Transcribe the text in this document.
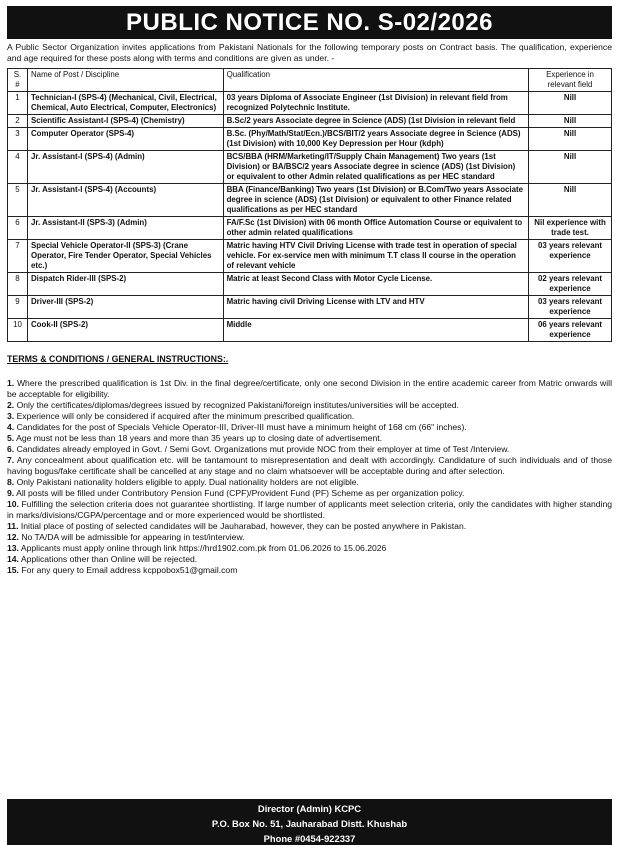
PUBLIC NOTICE NO. S-02/2026

A Public Sector Organization invites applications from Pakistani Nationals for the following temporary posts on Contract basis. The qualification, experience and age required for these posts along with terms and conditions are given as under. -

S. #	Name of Post / Discipline	Qualification	Experience in relevant field
1	Technician-I (SPS-4) (Mechanical, Civil, Electrical, Chemical, Auto Electrical, Computer, Electronics)	03 years Diploma of Associate Engineer (1st Division) in relevant field from recognized Polytechnic Institute.	Nill
2	Scientific Assistant-I (SPS-4) (Chemistry)	B.Sc/2 years Associate degree in Science (ADS) (1st Division in relevant field	Nill
3	Computer Operator (SPS-4)	B.Sc. (Phy/Math/Stat/Ecn.)/BCS/BIT/2 years Associate degree in Science (ADS) (1st Division) with 10,000 Key Depression per Hour (kdph)	Nill
4	Jr. Assistant-I (SPS-4) (Admin)	BCS/BBA (HRM/Marketing/IT/Supply Chain Management) Two years (1st Division) or BA/BSC/2 years Associate degree in science (ADS) (1st Division) or equivalent to other Admin related qualifications as per HEC standard	Nill
5	Jr. Assistant-I (SPS-4) (Accounts)	BBA (Finance/Banking) Two years (1st Division) or B.Com/Two years Associate degree in science (ADS) (1st Division) or equivalent to other Finance related qualifications as per HEC standard	Nill
6	Jr. Assistant-II (SPS-3) (Admin)	FA/F.Sc (1st Division) with 06 month Office Automation Course or equivalent to other admin related qualifications	Nil experience with trade test.
7	Special Vehicle Operator-II (SPS-3) (Crane Operator, Fire Tender Operator, Special Vehicles etc.)	Matric having HTV Civil Driving License with trade test in operation of special vehicle. For ex-service men with minimum T.T class II course in the operation of relevant vehicle	03 years relevant experience
8	Dispatch Rider-III (SPS-2)	Matric at least Second Class with Motor Cycle License.	02 years relevant experience
9	Driver-III (SPS-2)	Matric having civil Driving License with LTV and HTV	03 years relevant experience
10	Cook-II (SPS-2)	Middle	06 years relevant experience
TERMS & CONDITIONS / GENERAL INSTRUCTIONS:.

1. Where the prescribed qualification is 1st Div. in the final degree/certificate, only one second Division in the entire academic career from Matric onwards will be acceptable for eligibility.

2. Only the certificates/diplomas/degrees issued by recognized Pakistani/foreign institutes/universities will be accepted.

3. Experience will only be considered if acquired after the minimum prescribed qualification.

4. Candidates for the post of Specials Vehicle Operator-III, Driver-III must have a minimum height of 168 cm (66" inches).

5. Age must not be less than 18 years and more than 35 years up to closing date of advertisement.

6. Candidates already employed in Govt. / Semi Govt. Organizations mut provide NOC from their employer at time of Test /Interview.

7. Any concealment about qualification etc. will be tantamount to misrepresentation and dealt with accordingly. Candidature of such individuals and of those having bogus/fake certificate shall be cancelled at any stage and no claim whatsoever will be acceptable during and after selection.

8. Only Pakistani nationality holders eligible to apply. Dual nationality holders are not eligible.

9. All posts will be filled under Contributory Pension Fund (CPF)/Provident Fund (PF) Scheme as per organization policy.

10. Fulfilling the selection criteria does not guarantee shortlisting. If large number of applicants meet selection criteria, only the candidates with higher standing in marks/divisions/CGPA/percentage and or more experienced would be shortlisted.

11. Initial place of posting of selected candidates will be Jauharabad, however, they can be posted anywhere in Pakistan.

12. No TA/DA will be admissible for appearing in test/interview.

13. Applicants must apply online through link https://hrd1902.com.pk from 01.06.2026 to 15.06.2026

14. Applications other than Online will be rejected.

15. For any query to Email address kcppobox51@gmail.com

Director (Admin) KCPC
P.O. Box No. 51, Jauharabad Distt. Khushab
Phone #0454-922337
